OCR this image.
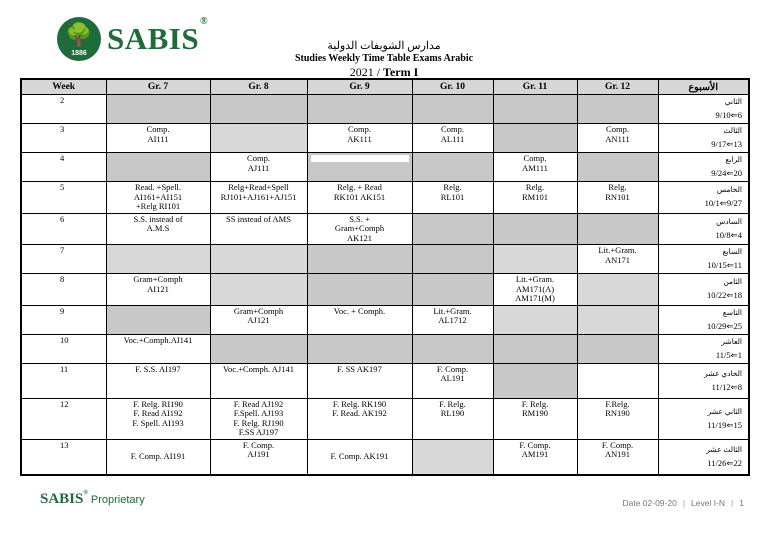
🌳
1886 SABIS®
مدارس الشويفات الدولية
Studies Weekly Time Table Exams Arabic
2021 / Term I
Week	Gr. 7	Gr. 8	Gr. 9	Gr. 10	Gr. 11	Gr. 12	الأسبوع
2							الثاني
9/10⇐6

3	Comp.
AI111		Comp.
AK111	Comp.
AL111		Comp.
AN111	الثالث
9/17⇐13

4		Comp.
AJ111			Comp.
AM111		الرابع
9/24⇐20

5	Read. +Spell.
AI161+AI151
+Relg RI101	Relg+Read+Spell
RJ101+AJ161+AJ151	Relg. + Read
RK101 AK151	Relg.
RL101	Relg.
RM101	Relg.
RN101	الخامس
10/1⇐9/27

6	S.S. instead of
A.M.S	SS instead of AMS	S.S. +
Gram+Comph
AK121				السادس
10/8⇐4

7						Lit.+Gram.
AN171	السابع
10/15⇐11

8	Gram+Comph
AI121				Lit.+Gram.
AM171(A)
AM171(M)		الثامن
10/22⇐18

9		Gram+Comph
AJ121	Voc. + Comph.	Lit.+Gram.
AL1712			التاسع
10/29⇐25

10	Voc.+Comph.AI141						العاشر
11/5⇐1

11	F. S.S. AI197	Voc.+Comph. AJ141	F. SS AK197	F. Comp.
AL191			الحادي عشر
11/12⇐8

12	F. Relg. RI190
F. Read AI192
F. Spell. AI193	F. Read AJ192
F.Spell. AJ193
F. Relg. RJ190
F.SS AJ197	F. Relg. RK190
F. Read. AK192	F. Relg.
RL190	F. Relg.
RM190	F.Relg.
RN190	الثاني عشر
11/19⇐15

13	F. Comp. AI191	F. Comp.
AJ191	F. Comp. AK191		F. Comp.
AM191	F. Comp.
AN191	الثالث عشر
11/26⇐22
SABIS® Proprietary	Date 02-09-20 | Level I-N | 1
